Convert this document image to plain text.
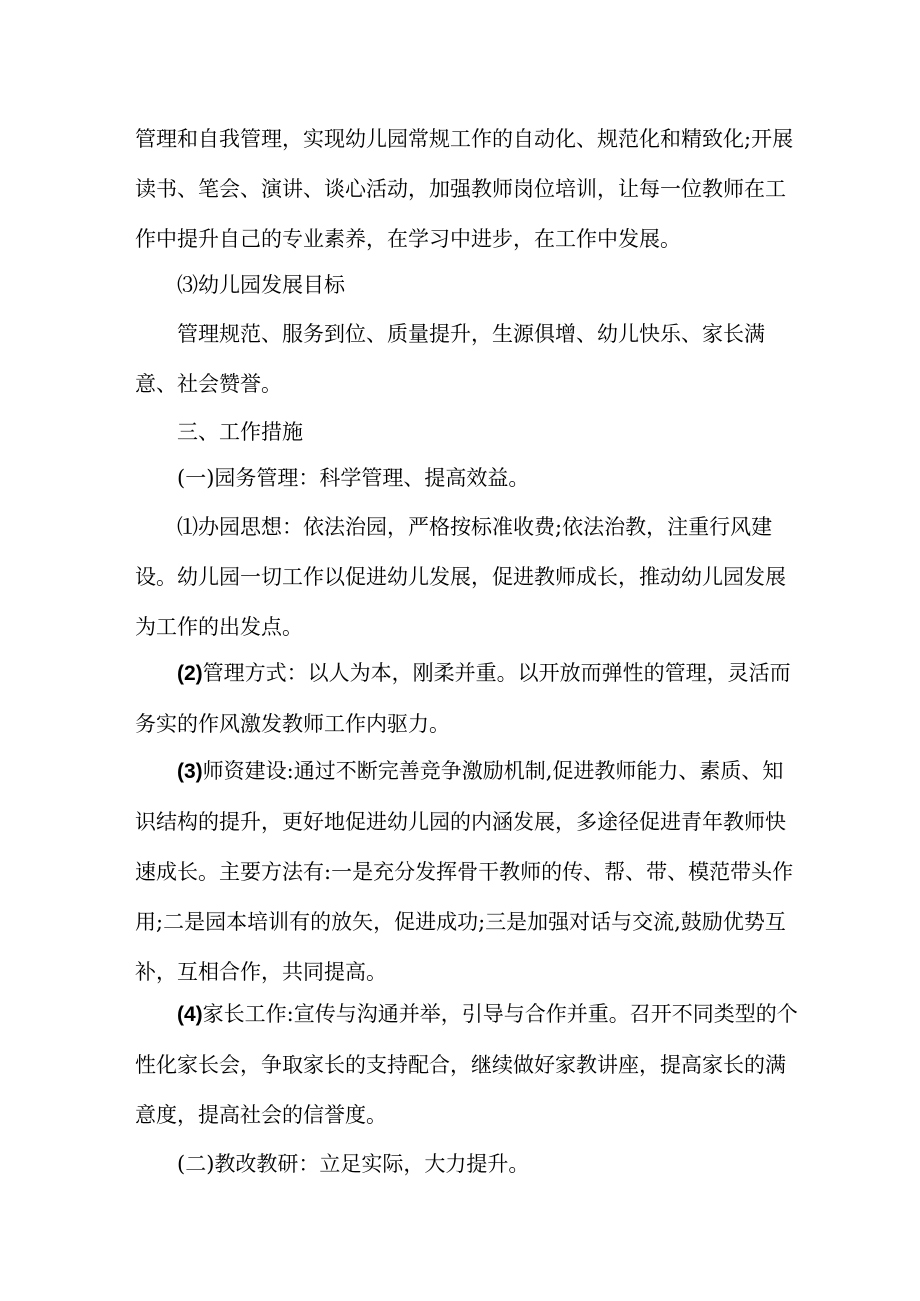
管理和自我管理，实现幼儿园常规工作的自动化、规范化和精致化;开展读书、笔会、演讲、谈心活动，加强教师岗位培训，让每一位教师在工作中提升自己的专业素养，在学习中进步，在工作中发展。

⑶幼儿园发展目标

管理规范、服务到位、质量提升，生源俱增、幼儿快乐、家长满意、社会赞誉。

三、工作措施

(一)园务管理：科学管理、提高效益。

⑴办园思想：依法治园，严格按标准收费;依法治教，注重行风建设。幼儿园一切工作以促进幼儿发展，促进教师成长，推动幼儿园发展为工作的出发点。

(2)管理方式：以人为本，刚柔并重。以开放而弹性的管理，灵活而务实的作风激发教师工作内驱力。

(3)师资建设:通过不断完善竞争激励机制,促进教师能力、素质、知识结构的提升，更好地促进幼儿园的内涵发展，多途径促进青年教师快速成长。主要方法有:一是充分发挥骨干教师的传、帮、带、模范带头作用;二是园本培训有的放矢，促进成功;三是加强对话与交流,鼓励优势互补，互相合作，共同提高。

(4)家长工作:宣传与沟通并举，引导与合作并重。召开不同类型的个性化家长会，争取家长的支持配合，继续做好家教讲座，提高家长的满意度，提高社会的信誉度。

(二)教改教研：立足实际，大力提升。
